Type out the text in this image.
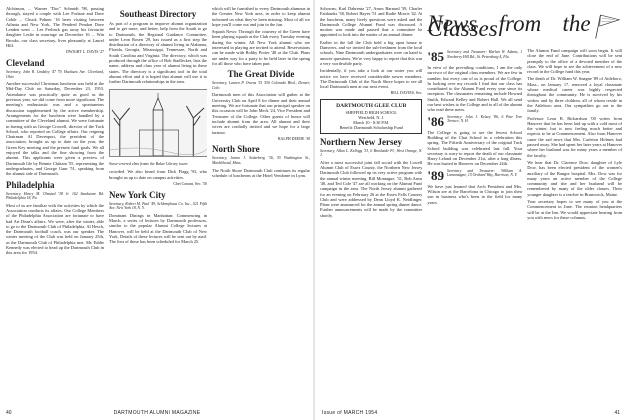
Alchinson, ... Warner "Doc" Schmidt '98, passing through, stayed a couple with Lee Forlane and Dave Coble ... Chuck Palmer '16 been visiting between Atlanta and New York. The Pendred Pendon Dave Lenden went ... Les Frelinck gas away his favourite daughter Leslie in marriage on December 16 ... Win Brooks, our class secretary, lives pleasantly at Laurel Hill.

DWIGHT L. DAVIS '27
Cleveland
Secretary, John R. Lindsley '47 79, Hacksaw Ave. Cleveland, Ohio

Another successful Christmas luncheon was held at the Mid-Day Club on Saturday, December 23, 1953. Attendance was practically quite as good as the previous year, we did come from more significant. The meeting's enthusiastic was and a spontaneous discussion supplemented by the active membership. Arrangements for the luncheon were handled by a committee of the Cleveland alumni. We were fortunate in having with us George Crowell, director of the Tuck School, who reported on College affairs. Our reigning Chairman Al Davenport, the president of the association, brought us up to date on the year, the Green Key meeting and the present fund goals. We all enjoyed the talks and the fine showing from the alumni. This applicants were given a preview of Dartmouth life by Rennie Chittam '55, representing the undergraduates, and George Gaur '51, speaking from the alumni side of Dartmouth.

Philadelphia
Secretary, Henry M. Olmsted '38 Jr. 162 Sandstone Rd. Philadelphia 18, Pa.

Most of us are familiar with the activities by which the Association conducts its affairs. Our College Members of the Philadelphia Association are fortunate to have had Art Dean's affairs. We were, after the winter, able to go to the Dartmouth Club of Philadelphia. Al Hesch, the Dartmouth football coach, was our speaker. The winter meeting of the Club was held on January 25th, as the Dartmouth Club of Philadelphia met. Mr. Eddie Kennedy was elected to head up the Dartmouth Club in this area for 1954.

Southeast Directory

As part of a program to improve alumni organization and to get more, and better, help from the South to go to Dartmouth, the Regional Guidance Committee, under Leon Rosen '29, has issued as a first step the distribution of a directory of alumni living in Alabama, Florida, Georgia, Mississippi, Tennessee, North and South Carolina and Virginia. The directory, which was produced through the office of Bob Stadlecker, lists the name, address and class year of alumni living in these states. The directory is a significant tool in the total alumni effort and it is hoped that alumni will use it to further Dartmouth relationships in the area.

Snow-covered elms frame the Baker Library tower.

crowded. We also heard from Dick Flagg '93, who brought us up to date on campus activities.

Chet Conant, Sec. '50
New York City
Secretary, Robert M. Paul '49, Schlemphaus Co. Inc., 521 Fifth Ave. New York 18, N. Y.

Dominant Dinings in Manhattan: Commencing in March, a series of lectures by Dartmouth professors, similar to the popular Alumni College lectures at Hanover, will be held at the Dartmouth Club of New York. Details of these lectures will be sent out by mail. The first of these has been scheduled for March 25.

which will be furnished to every Dartmouth alumnus in the Greater New York area, in order to keep alumni informed on what they've been missing. Most of all we hope you'll come out and join in the fun.

Squash News: Through the courtesy of the Green have been playing squash at the Club every Tuesday evening during the winter. All New York alumni who are interested in playing are invited to attend. Reservations can be made with Robby Porter '48 at the Club. Plans are under way for a party to be held later in the spring for all those who have taken part.

The Great Divide
Secretary, Lauren P. Owens '51 550 Colorado Blvd., Denver, Colo.

Dartmouth men of this Association will gather at the University Club on April 8 for dinner and their annual meeting. We are fortunate that our principal speaker on this occasion will be John Meck '24, Vice President and Treasurer of the College. Other guests of honor will include alumni from the area. All alumni and their wives are cordially invited and we hope for a large turnout.

RALPH DEEDE '38
North Shore
Secretary, James J. Soderberg '36, 55 Washington St., Marblehead, Mass.

The North Shore Dartmouth Club continues its regular schedule of luncheons at the Hotel Vendome in Lynn.

40	DARTMOUTH ALUMNI MAGAZINE

Schowns, Karl Dabrentz '27, Amos Barnard '39, Charles Fairbanks '38, Robert Hayes '51 and Rudie Morris '42. At the luncheon, many lively questions were asked and the Dartmouth College Alumni Fund was discussed. A motion was made and passed that a committee be appointed to look into the matter of an annual dinner.

Earlier in the fall the Club held a big open house in Dansvers, and we invited the sub-freshmen from the local schools. Nine Dartmouth undergraduates were on hand to answer questions. We're very happy to report that this was a very worthwhile party.

Incidentally, if you take a look at our roster you will notice we have received considerable newer members. The Dartmouth Club of the North Shore hopes to see all local Dartmouth men at our next event.

BILL DAVIES, Sec.
DARTMOUTH GLEE CLUB
SHEFFIELD HIGH SCHOOL
Westfield, N. J.
March 10 - 8:30 P.M.
Benefit: Dartmouth Scholarship Fund
Northern New Jersey
Secretary, Allan L. Kellogg '33, 6 Brookside Pl., West Orange, N. J.

After a most successful joint fall social with the Lowell Alumni Club of Essex County, the Northern New Jersey Dartmouth Club followed up its very active program with the annual winter meeting. Bill Montague, '31, Bob Arms '40, and Ted Cole '47 are all working on the Alumni Fund campaign in the area. The North Jersey alumni gathered for an evening on February 26 at the Essex Fells Country Club and were addressed by Dean Lloyd K. Neidlinger. Plans were announced for the annual spring dinner dance. Further announcements will be made by the committee shortly.

News from the Classes
'85 Secretary and Treasurer: Harlan W. Adams, 1 Newberry Hill Rd., St. Petersburg 4, Fla.

In view of the prevailing conditions, I am the only survivor of the original class members. We are few in number, but every one of us is proud of the College. In looking over my records I find that our class has contributed to the Alumni Fund every year since its inception. The classmates remaining include Howard Smith, Edward Kelley and Robert Hall. We all send our best wishes to the College and to all of the alumni who read these notes.

'86 Secretary: John J. Kelsey '86, 6 Pine Tree Terrace, N. H.

The College is going to see the fewest School Building of the Chat School in a celebration this spring. The Fiftieth Anniversary of the original Tuck School building was celebrated last fall. Your secretary is sorry to report the death of our classmate Harry Leland on December 21st, after a long illness. He was buried in Hanover on December 24th.

'89 Secretary and Treasurer: William A. Lamontagne, 15 Orchard Way, Harrison, N. Y.

We have just learned that Arch President and Mrs. Wilson are at the Barcelona in Chicago to join their son in business who's been in the field for many years.

The Alumni Fund campaign will soon begin. It will close the end of June. Contributions will be sent promptly to the office of a devoted member of the class. We will hope to see the achievement of a new record in the College fund this year.

The death of Dr. William W. Snagne '89 of Attleboro, Mass., on January 17, removed a loyal classmate whose medical career was highly respected throughout the community. He is survived by his widow and by three children, all of whom reside in the Attleboro area. Our sympathies go out to the family.

Professor Leon B. Richardson '00 writes from Hanover that he has been laid up with a cold most of the winter, but is now feeling much better and expects to be at Commencement. Also from Hanover came the sad news that Mrs. Carleton Holmes had passed away. She had spent her later years at Hanover where her husband was for many years a member of the faculty.

We hear that Dr. Clarence Dow, daughter of Lyle Dow, has been elected president of the women's auxiliary of the Bangor hospital. Mrs. Dow was for many years an active member of the College community and she and her husband will be remembered by many of the older classes. Their younger daughter is a teacher in Brunswick, Maine.

Your secretary hopes to see many of you at the Commencement in June. The reunion headquarters will be at the Inn. We would appreciate hearing from you with news for these columns.

Issue of MARCH 1954	41
